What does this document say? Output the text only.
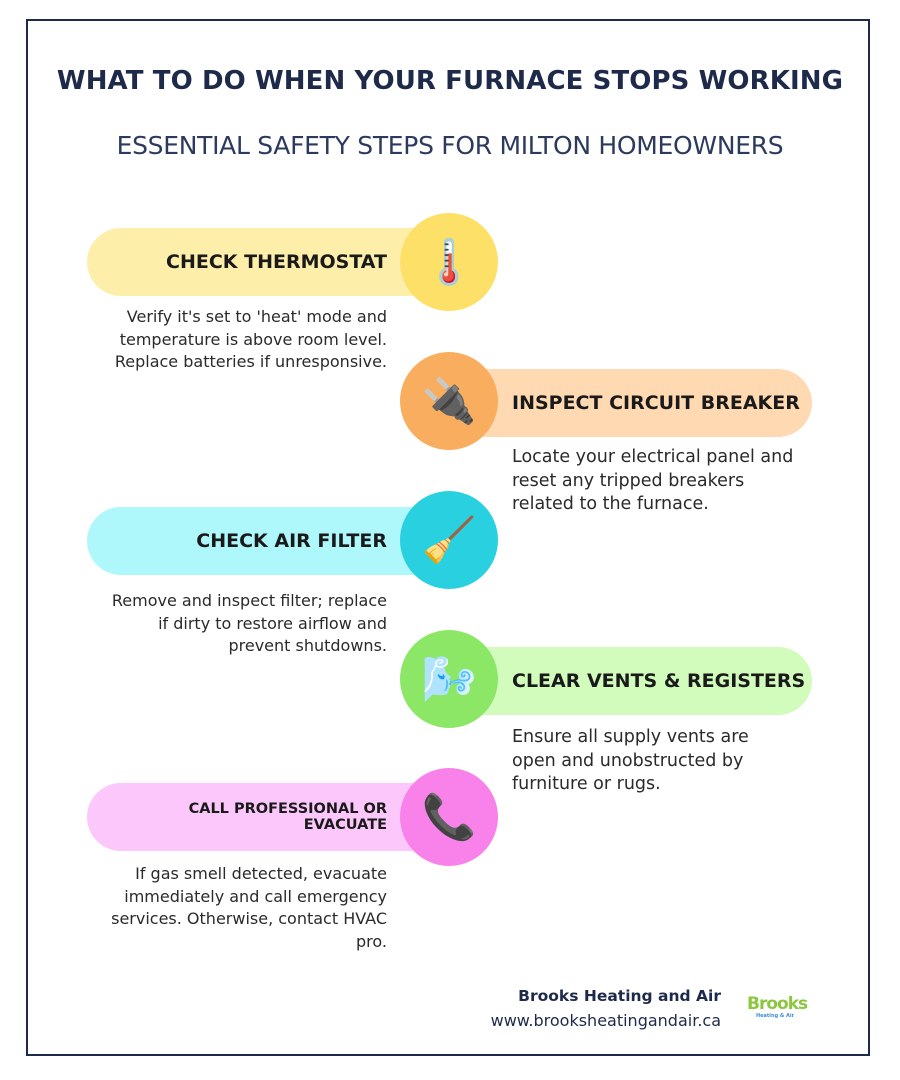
WHAT TO DO WHEN YOUR FURNACE STOPS WORKING
ESSENTIAL SAFETY STEPS FOR MILTON HOMEOWNERS
CHECK THERMOSTAT 🌡️
Verify it's set to 'heat' mode and temperature is above room level. Replace batteries if unresponsive.
INSPECT CIRCUIT BREAKER
🔌
Locate your electrical panel and reset any tripped breakers related to the furnace.
CHECK AIR FILTER 🧹
Remove and inspect filter; replace if dirty to restore airflow and prevent shutdowns.
CLEAR VENTS & REGISTERS
🌬️
Ensure all supply vents are open and unobstructed by furniture or rugs.
CALL PROFESSIONAL OR EVACUATE 📞
If gas smell detected, evacuate immediately and call emergency services. Otherwise, contact HVAC pro.
Brooks Heating and Air
www.brooksheatingandair.ca
Brooks
Heating & Air
